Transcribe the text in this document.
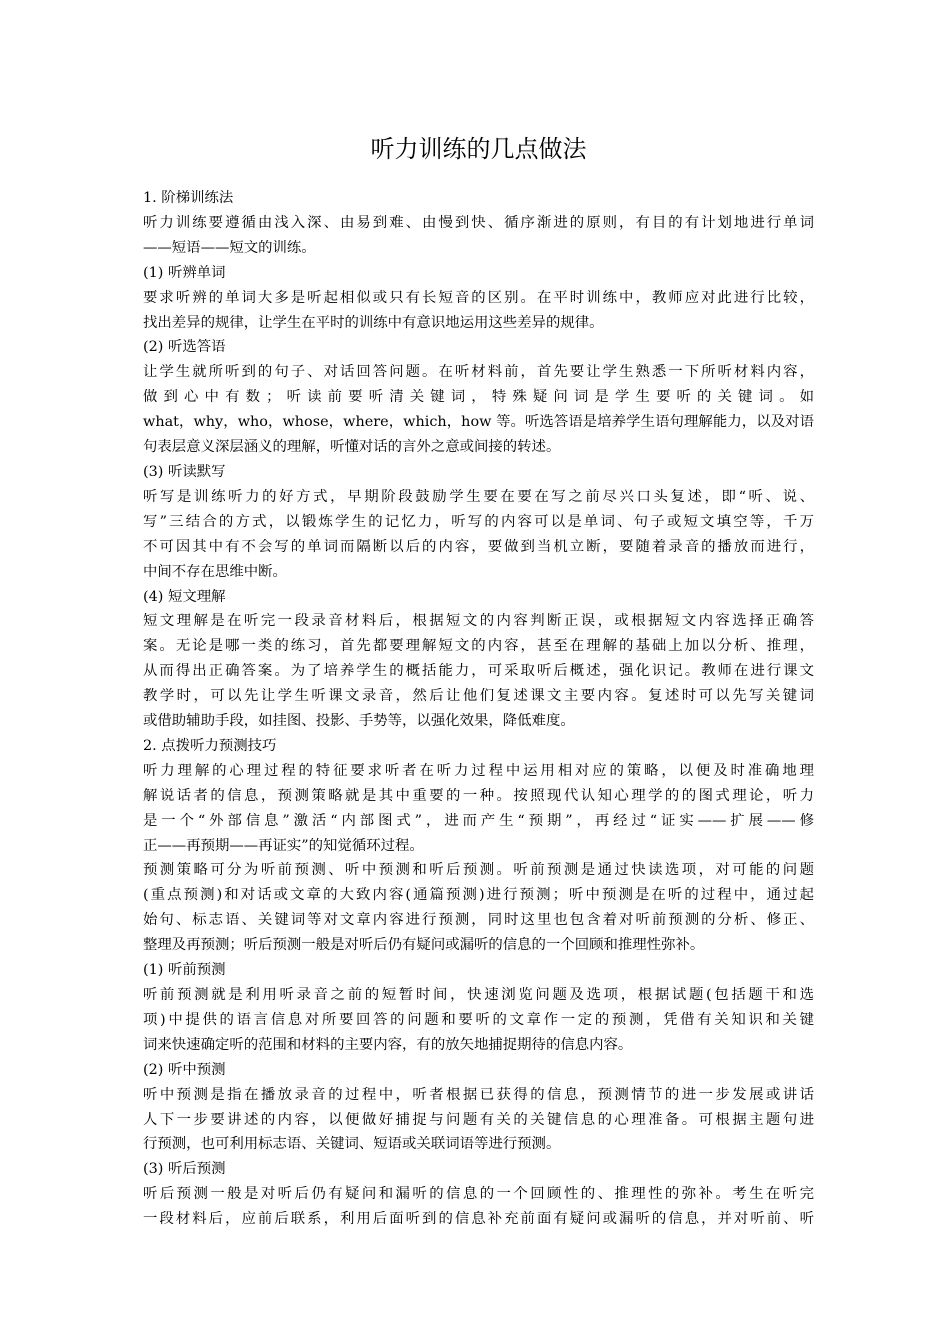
听力训练的几点做法

1. 阶梯训练法

听力训练要遵循由浅入深、由易到难、由慢到快、循序渐进的原则，有目的有计划地进行单词

——短语——短文的训练。

(1) 听辨单词

要求听辨的单词大多是听起相似或只有长短音的区别。在平时训练中，教师应对此进行比较，

找出差异的规律，让学生在平时的训练中有意识地运用这些差异的规律。

(2) 听选答语

让学生就所听到的句子、对话回答问题。在听材料前，首先要让学生熟悉一下所听材料内容，

做到心中有数；听读前要听清关键词，特殊疑问词是学生要听的关键词。如

what，why，who，whose，where，which，how 等。听选答语是培养学生语句理解能力，以及对语

句表层意义深层涵义的理解，听懂对话的言外之意或间接的转述。

(3) 听读默写

听写是训练听力的好方式，早期阶段鼓励学生要在要在写之前尽兴口头复述，即“听、说、

写”三结合的方式，以锻炼学生的记忆力，听写的内容可以是单词、句子或短文填空等，千万

不可因其中有不会写的单词而隔断以后的内容，要做到当机立断，要随着录音的播放而进行，

中间不存在思维中断。

(4) 短文理解

短文理解是在听完一段录音材料后，根据短文的内容判断正误，或根据短文内容选择正确答

案。无论是哪一类的练习，首先都要理解短文的内容，甚至在理解的基础上加以分析、推理，

从而得出正确答案。为了培养学生的概括能力，可采取听后概述，强化识记。教师在进行课文

教学时，可以先让学生听课文录音，然后让他们复述课文主要内容。复述时可以先写关键词

或借助辅助手段，如挂图、投影、手势等，以强化效果，降低难度。

2. 点拨听力预测技巧

听力理解的心理过程的特征要求听者在听力过程中运用相对应的策略，以便及时准确地理

解说话者的信息，预测策略就是其中重要的一种。按照现代认知心理学的的图式理论，听力

是一个“外部信息”激活“内部图式”，进而产生“预期”，再经过“证实——扩展——修

正——再预期——再证实”的知觉循环过程。

预测策略可分为听前预测、听中预测和听后预测。听前预测是通过快读选项，对可能的问题

(重点预测)和对话或文章的大致内容(通篇预测)进行预测；听中预测是在听的过程中，通过起

始句、标志语、关键词等对文章内容进行预测，同时这里也包含着对听前预测的分析、修正、

整理及再预测；听后预测一般是对听后仍有疑问或漏听的信息的一个回顾和推理性弥补。

(1) 听前预测

听前预测就是利用听录音之前的短暂时间，快速浏览问题及选项，根据试题(包括题干和选

项)中提供的语言信息对所要回答的问题和要听的文章作一定的预测，凭借有关知识和关键

词来快速确定听的范围和材料的主要内容，有的放矢地捕捉期待的信息内容。

(2) 听中预测

听中预测是指在播放录音的过程中，听者根据已获得的信息，预测情节的进一步发展或讲话

人下一步要讲述的内容，以便做好捕捉与问题有关的关键信息的心理准备。可根据主题句进

行预测，也可利用标志语、关键词、短语或关联词语等进行预测。

(3) 听后预测

听后预测一般是对听后仍有疑问和漏听的信息的一个回顾性的、推理性的弥补。考生在听完

一段材料后，应前后联系，利用后面听到的信息补充前面有疑问或漏听的信息，并对听前、听
